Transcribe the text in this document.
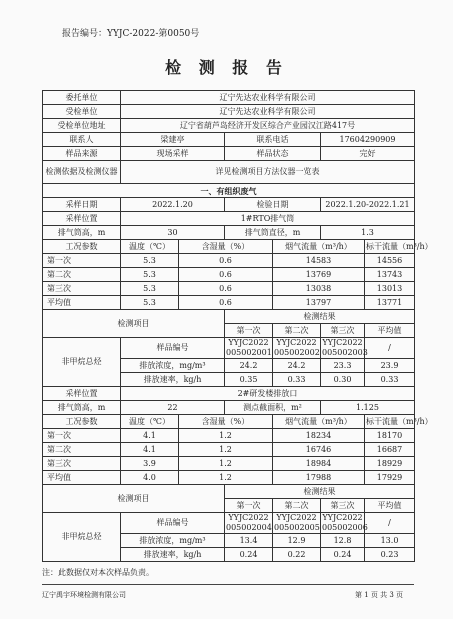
报告编号：YYJC-2022-第0050号
检 测 报 告
委托单位	辽宁先达农业科学有限公司					
受检单位	辽宁先达农业科学有限公司					
受检单位地址	辽宁省葫芦岛经济开发区综合产业园汉江路417号					
联系人	梁建亭		联系电话		17604290909	
样品来源	现场采样		样品状态		完好	
检测依据及检测仪器	详见检测项目方法仪器一览表					
一、有组织废气						
采样日期	2022.1.20		检验日期		2022.1.20-2022.1.21	
采样位置	1#RTO排气筒					
排气筒高，m	30		排气筒直径，m		1.3	
工况参数	温度（℃）	含湿量（%）		烟气流量（m³/h）		标干流量（m³/h）
第一次	5.3	0.6		14583		14556
第二次	5.3	0.6		13769		13743
第三次	5.3	0.6		13038		13013
平均值	5.3	0.6		13797		13771
检测项目			检测结果			
			第一次	第二次	第三次	平均值
非甲烷总烃	样品编号		YYJC2022 005002001	YYJC2022 005002002	YYJC2022 005002003	/
	排放浓度，mg/m³		24.2	24.2	23.3	23.9
	排放速率，kg/h		0.35	0.33	0.30	0.33
采样位置	2#研发楼排放口					
排气筒高，m	22		测点截面积，m²		1.125	
工况参数	温度（℃）	含湿量（%）		烟气流量（m³/h）		标干流量（m³/h）
第一次	4.1	1.2		18234		18170
第二次	4.1	1.2		16746		16687
第三次	3.9	1.2		18984		18929
平均值	4.0	1.2		17988		17929
检测项目			检测结果			
			第一次	第二次	第三次	平均值
非甲烷总烃	样品编号		YYJC2022 005002004	YYJC2022 005002005	YYJC2022 005002006	/
	排放浓度，mg/m³		13.4	12.9	12.8	13.0
	排放速率，kg/h		0.24	0.22	0.24	0.23
注：此数据仅对本次样品负责。
辽宁禹宇环境检测有限公司	第 1 页 共 3 页
